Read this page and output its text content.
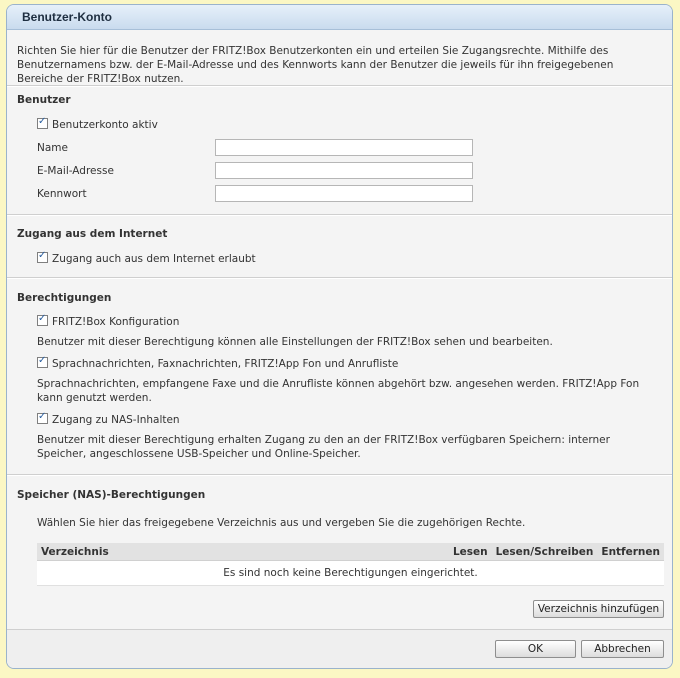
Benutzer-Konto
Richten Sie hier für die Benutzer der FRITZ!Box Benutzerkonten ein und erteilen Sie Zugangsrechte. Mithilfe des Benutzernamens bzw. der E-Mail-Adresse und des Kennworts kann der Benutzer die jeweils für ihn freigegebenen Bereiche der FRITZ!Box nutzen.
Benutzer
✓Benutzerkonto aktiv
Name
E-Mail-Adresse
Kennwort
Zugang aus dem Internet
✓Zugang auch aus dem Internet erlaubt
Berechtigungen
✓FRITZ!Box Konfiguration
Benutzer mit dieser Berechtigung können alle Einstellungen der FRITZ!Box sehen und bearbeiten.
✓Sprachnachrichten, Faxnachrichten, FRITZ!App Fon und Anrufliste
Sprachnachrichten, empfangene Faxe und die Anrufliste können abgehört bzw. angesehen werden. FRITZ!App Fon kann genutzt werden.
✓Zugang zu NAS-Inhalten
Benutzer mit dieser Berechtigung erhalten Zugang zu den an der FRITZ!Box verfügbaren Speichern: interner Speicher, angeschlossene USB-Speicher und Online-Speicher.
Speicher (NAS)-Berechtigungen
Wählen Sie hier das freigegebene Verzeichnis aus und vergeben Sie die zugehörigen Rechte.
Verzeichnis	Lesen	Lesen/Schreiben	Entfernen
Es sind noch keine Berechtigungen eingerichtet.
Verzeichnis hinzufügen
OK	Abbrechen
